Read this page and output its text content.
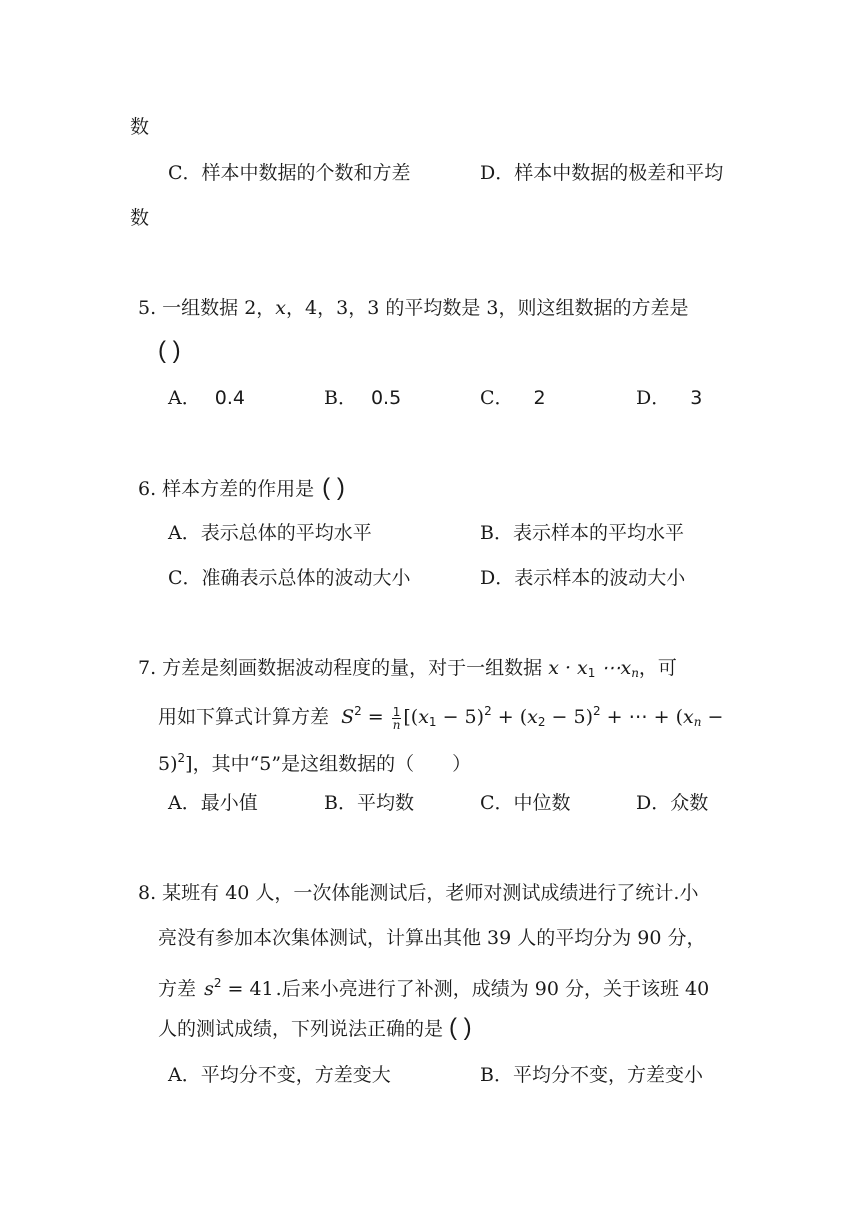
数
C．样本中数据的个数和方差	D．样本中数据的极差和平均
数
5. 一组数据 2，x，4，3，3 的平均数是 3，则这组数据的方差是
( )
A． 0.4	B． 0.5	C． 2	D． 3
6. 样本方差的作用是 ( )
A．表示总体的平均水平	B．表示样本的平均水平
C．准确表示总体的波动大小	D．表示样本的波动大小
7. 方差是刻画数据波动程度的量，对于一组数据 $x \cdot x_1$ $\cdots x_n$，可
用如下算式计算方差 $S^2 = \frac{1}{n} [(x_1 - 5)^2 + (x_2 - 5)^2$ + ⋯ + ($x_n$ −
5)$^2$]，其中“5”是这组数据的（　　）
A．最小值	B．平均数	C．中位数	D．众数
8. 某班有 40 人，一次体能测试后，老师对测试成绩进行了统计.小
亮没有参加本次集体测试，计算出其他 39 人的平均分为 90 分，
方差 $s^2 = 41$ .后来小亮进行了补测，成绩为 90 分，关于该班 40
人的测试成绩，下列说法正确的是 ( )
A．平均分不变，方差变大	B．平均分不变，方差变小
